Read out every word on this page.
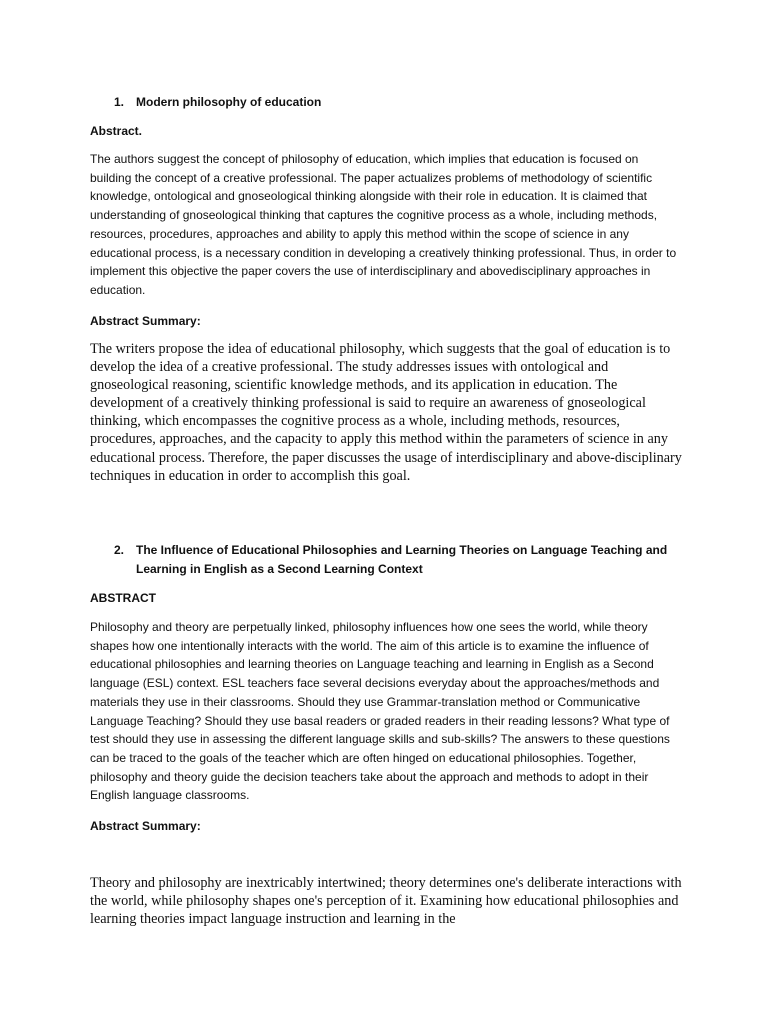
1. Modern philosophy of education
Abstract.

The authors suggest the concept of philosophy of education, which implies that education is focused on building the concept of a creative professional. The paper actualizes problems of methodology of scientific knowledge, ontological and gnoseological thinking alongside with their role in education. It is claimed that understanding of gnoseological thinking that captures the cognitive process as a whole, including methods, resources, procedures, approaches and ability to apply this method within the scope of science in any educational process, is a necessary condition in developing a creatively thinking professional. Thus, in order to implement this objective the paper covers the use of interdisciplinary and abovedisciplinary approaches in education.

Abstract Summary:

The writers propose the idea of educational philosophy, which suggests that the goal of education is to develop the idea of a creative professional. The study addresses issues with ontological and gnoseological reasoning, scientific knowledge methods, and its application in education. The development of a creatively thinking professional is said to require an awareness of gnoseological thinking, which encompasses the cognitive process as a whole, including methods, resources, procedures, approaches, and the capacity to apply this method within the parameters of science in any educational process. Therefore, the paper discusses the usage of interdisciplinary and above-disciplinary techniques in education in order to accomplish this goal.

2. The Influence of Educational Philosophies and Learning Theories on Language Teaching and Learning in English as a Second Learning Context
ABSTRACT

Philosophy and theory are perpetually linked, philosophy influences how one sees the world, while theory shapes how one intentionally interacts with the world. The aim of this article is to examine the influence of educational philosophies and learning theories on Language teaching and learning in English as a Second language (ESL) context. ESL teachers face several decisions everyday about the approaches/methods and materials they use in their classrooms. Should they use Grammar-translation method or Communicative Language Teaching? Should they use basal readers or graded readers in their reading lessons? What type of test should they use in assessing the different language skills and sub-skills? The answers to these questions can be traced to the goals of the teacher which are often hinged on educational philosophies. Together, philosophy and theory guide the decision teachers take about the approach and methods to adopt in their English language classrooms.

Abstract Summary:

Theory and philosophy are inextricably intertwined; theory determines one's deliberate interactions with the world, while philosophy shapes one's perception of it. Examining how educational philosophies and learning theories impact language instruction and learning in the
